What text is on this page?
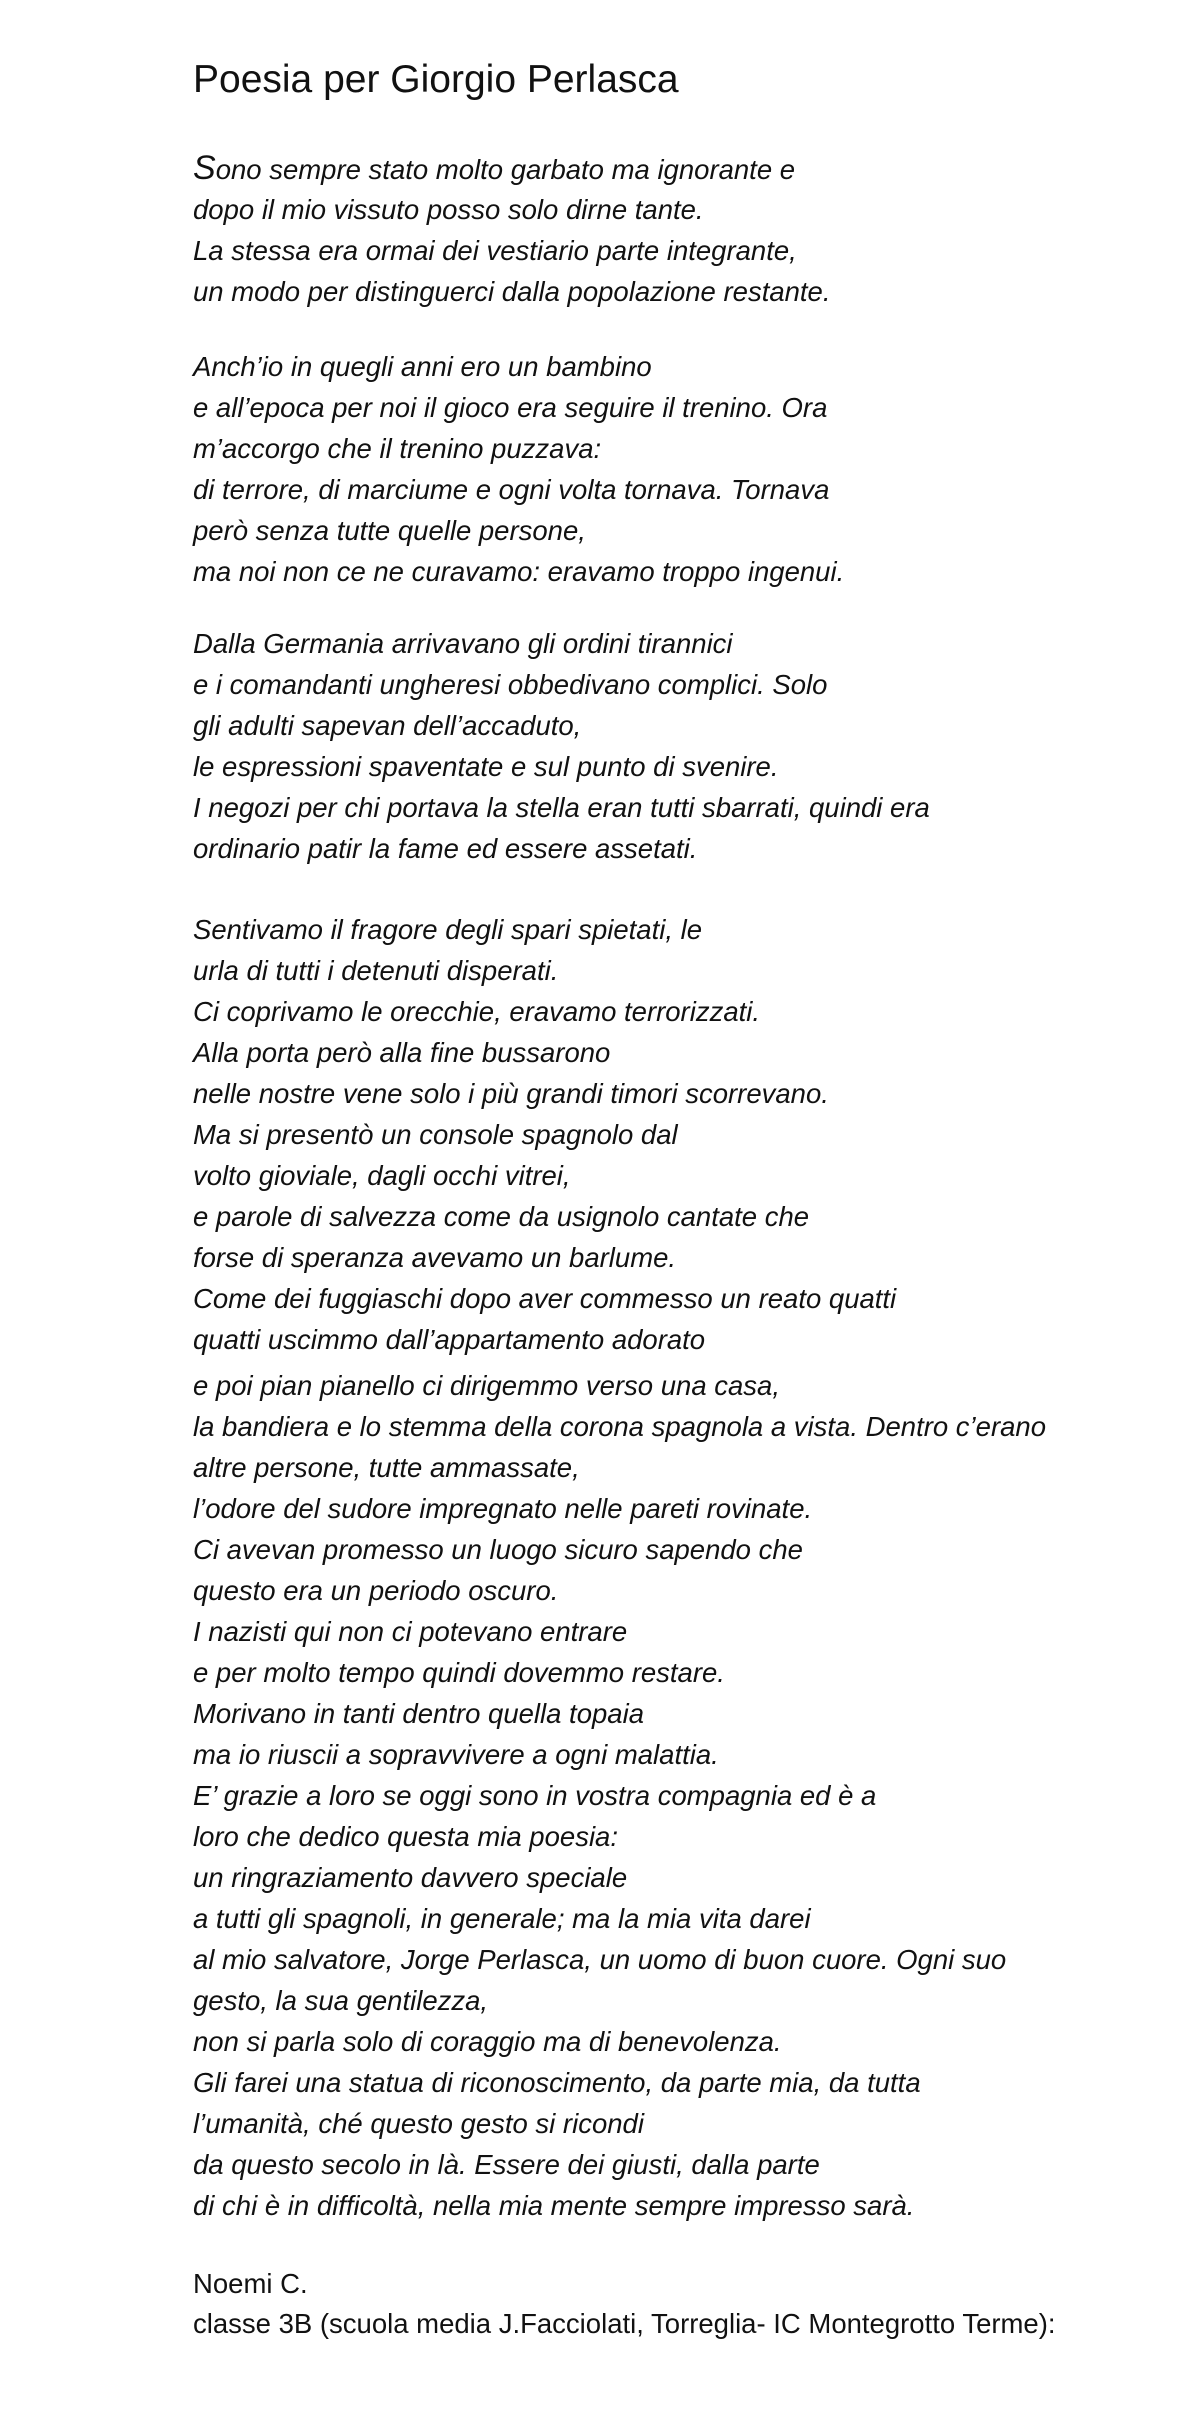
Poesia per Giorgio Perlasca
Sono sempre stato molto garbato ma ignorante e
dopo il mio vissuto posso solo dirne tante.
La stessa era ormai dei vestiario parte integrante,
un modo per distinguerci dalla popolazione restante.
Anch’io in quegli anni ero un bambino
e all’epoca per noi il gioco era seguire il trenino. Ora
m’accorgo che il trenino puzzava:
di terrore, di marciume e ogni volta tornava. Tornava
però senza tutte quelle persone,
ma noi non ce ne curavamo: eravamo troppo ingenui.
Dalla Germania arrivavano gli ordini tirannici
e i comandanti ungheresi obbedivano complici. Solo
gli adulti sapevan dell’accaduto,
le espressioni spaventate e sul punto di svenire.
I negozi per chi portava la stella eran tutti sbarrati, quindi era
ordinario patir la fame ed essere assetati.
Sentivamo il fragore degli spari spietati, le
urla di tutti i detenuti disperati.
Ci coprivamo le orecchie, eravamo terrorizzati.
Alla porta però alla fine bussarono
nelle nostre vene solo i più grandi timori scorrevano.
Ma si presentò un console spagnolo dal
volto gioviale, dagli occhi vitrei,
e parole di salvezza come da usignolo cantate che
forse di speranza avevamo un barlume.
Come dei fuggiaschi dopo aver commesso un reato quatti
quatti uscimmo dall’appartamento adorato
e poi pian pianello ci dirigemmo verso una casa,
la bandiera e lo stemma della corona spagnola a vista. Dentro c’erano
altre persone, tutte ammassate,
l’odore del sudore impregnato nelle pareti rovinate.
Ci avevan promesso un luogo sicuro sapendo che
questo era un periodo oscuro.
I nazisti qui non ci potevano entrare
e per molto tempo quindi dovemmo restare.
Morivano in tanti dentro quella topaia
ma io riuscii a sopravvivere a ogni malattia.
E’ grazie a loro se oggi sono in vostra compagnia ed è a
loro che dedico questa mia poesia:
un ringraziamento davvero speciale
a tutti gli spagnoli, in generale; ma la mia vita darei
al mio salvatore, Jorge Perlasca, un uomo di buon cuore. Ogni suo
gesto, la sua gentilezza,
non si parla solo di coraggio ma di benevolenza.
Gli farei una statua di riconoscimento, da parte mia, da tutta
l’umanità, ché questo gesto si ricondi
da questo secolo in là. Essere dei giusti, dalla parte
di chi è in difficoltà, nella mia mente sempre impresso sarà.
Noemi C.
classe 3B (scuola media J.Facciolati, Torreglia- IC Montegrotto Terme):
